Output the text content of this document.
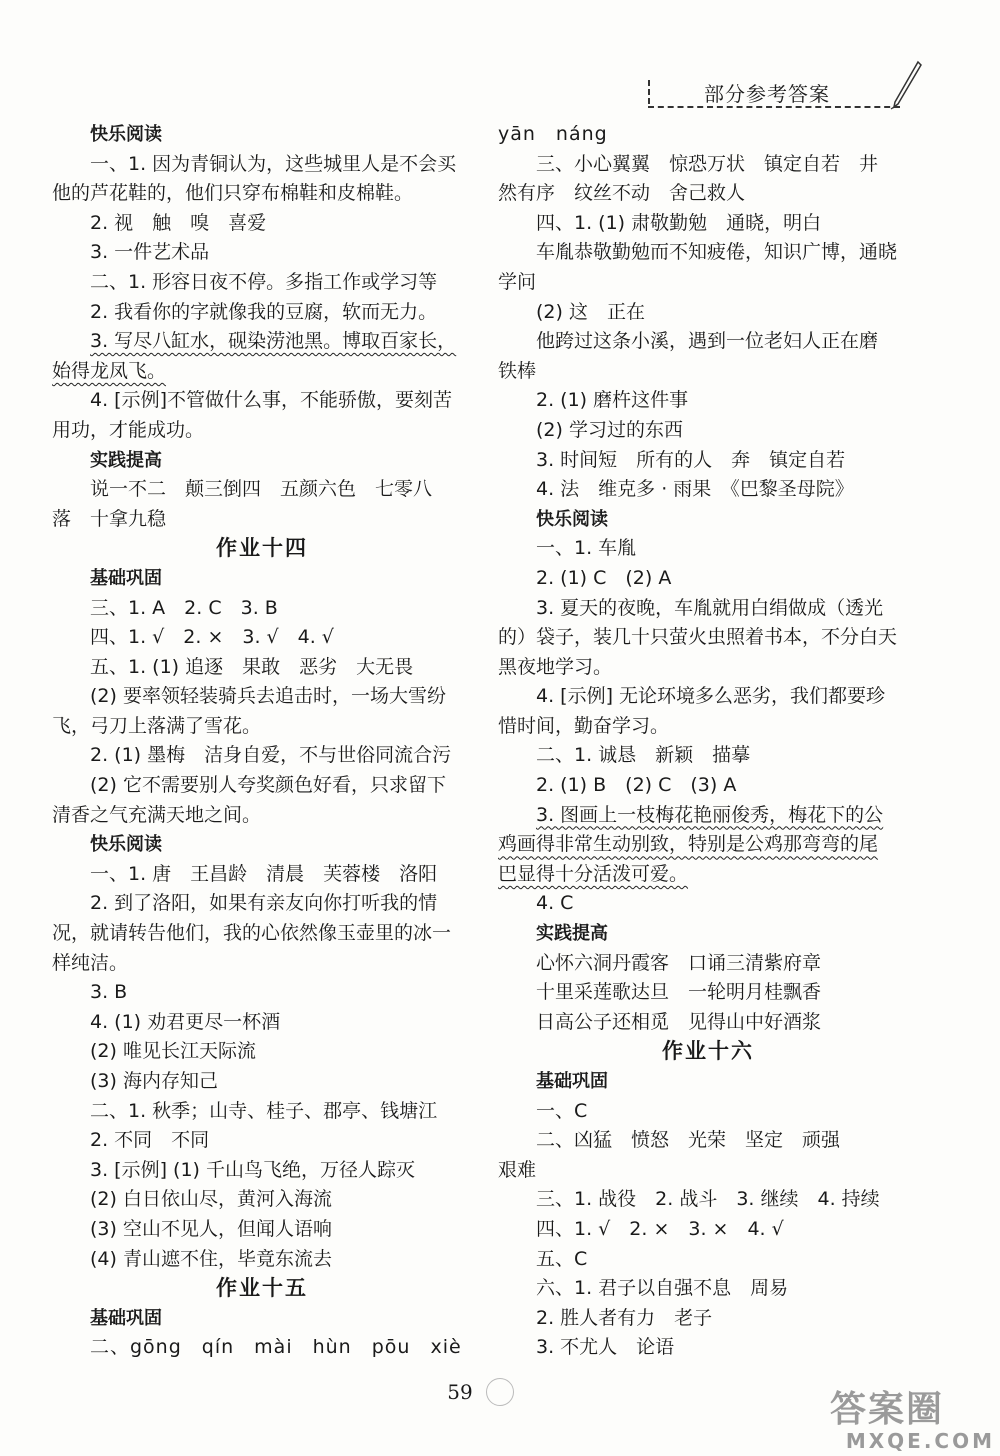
部分参考答案
快乐阅读
一、1. 因为青铜认为，这些城里人是不会买
他的芦花鞋的，他们只穿布棉鞋和皮棉鞋。
2. 视　触　嗅　喜爱
3. 一件艺术品
二、1. 形容日夜不停。多指工作或学习等
2. 我看你的字就像我的豆腐，软而无力。
3. 写尽八缸水，砚染涝池黑。博取百家长，
始得龙凤飞。
4. [示例]不管做什么事，不能骄傲，要刻苦
用功，才能成功。
实践提高
说一不二　颠三倒四　五颜六色　七零八
落　十拿九稳
作业十四
基础巩固
三、1. A　2. C　3. B
四、1. √　2. ×　3. √　4. √
五、1. (1) 追逐　果敢　恶劣　大无畏
(2) 要率领轻装骑兵去追击时，一场大雪纷
飞，弓刀上落满了雪花。
2. (1) 墨梅　洁身自爱，不与世俗同流合污
(2) 它不需要别人夸奖颜色好看，只求留下
清香之气充满天地之间。
快乐阅读
一、1. 唐　王昌龄　清晨　芙蓉楼　洛阳
2. 到了洛阳，如果有亲友向你打听我的情
况，就请转告他们，我的心依然像玉壶里的冰一
样纯洁。
3. B
4. (1) 劝君更尽一杯酒
(2) 唯见长江天际流
(3) 海内存知己
二、1. 秋季；山寺、桂子、郡亭、钱塘江
2. 不同　不同
3. [示例] (1) 千山鸟飞绝，万径人踪灭
(2) 白日依山尽，黄河入海流
(3) 空山不见人，但闻人语响
(4) 青山遮不住，毕竟东流去
作业十五
基础巩固
二、gōng　qín　mài　hùn　pōu　xiè
yān　náng
三、小心翼翼　惊恐万状　镇定自若　井
然有序　纹丝不动　舍己救人
四、1. (1) 肃敬勤勉　通晓，明白
车胤恭敬勤勉而不知疲倦，知识广博，通晓
学问
(2) 这　正在
他跨过这条小溪，遇到一位老妇人正在磨
铁棒
2. (1) 磨杵这件事
(2) 学习过的东西
3. 时间短　所有的人　奔　镇定自若
4. 法　维克多 · 雨果　《巴黎圣母院》
快乐阅读
一、1. 车胤
2. (1) C　(2) A
3. 夏天的夜晚，车胤就用白绢做成（透光
的）袋子，装几十只萤火虫照着书本，不分白天
黑夜地学习。
4. [示例] 无论环境多么恶劣，我们都要珍
惜时间，勤奋学习。
二、1. 诚恳　新颖　描摹
2. (1) B　(2) C　(3) A
3. 图画上一枝梅花艳丽俊秀，梅花下的公
鸡画得非常生动别致，特别是公鸡那弯弯的尾
巴显得十分活泼可爱。
4. C
实践提高
心怀六洞丹霞客　口诵三清紫府章
十里采莲歌达旦　一轮明月桂飘香
日高公子还相觅　见得山中好酒浆
作业十六
基础巩固
一、C
二、凶猛　愤怒　光荣　坚定　顽强
艰难
三、1. 战役　2. 战斗　3. 继续　4. 持续
四、1. √　2. ×　3. ×　4. √
五、C
六、1. 君子以自强不息　周易
2. 胜人者有力　老子
3. 不尤人　论语
59	答案圈
MXQE.COM
